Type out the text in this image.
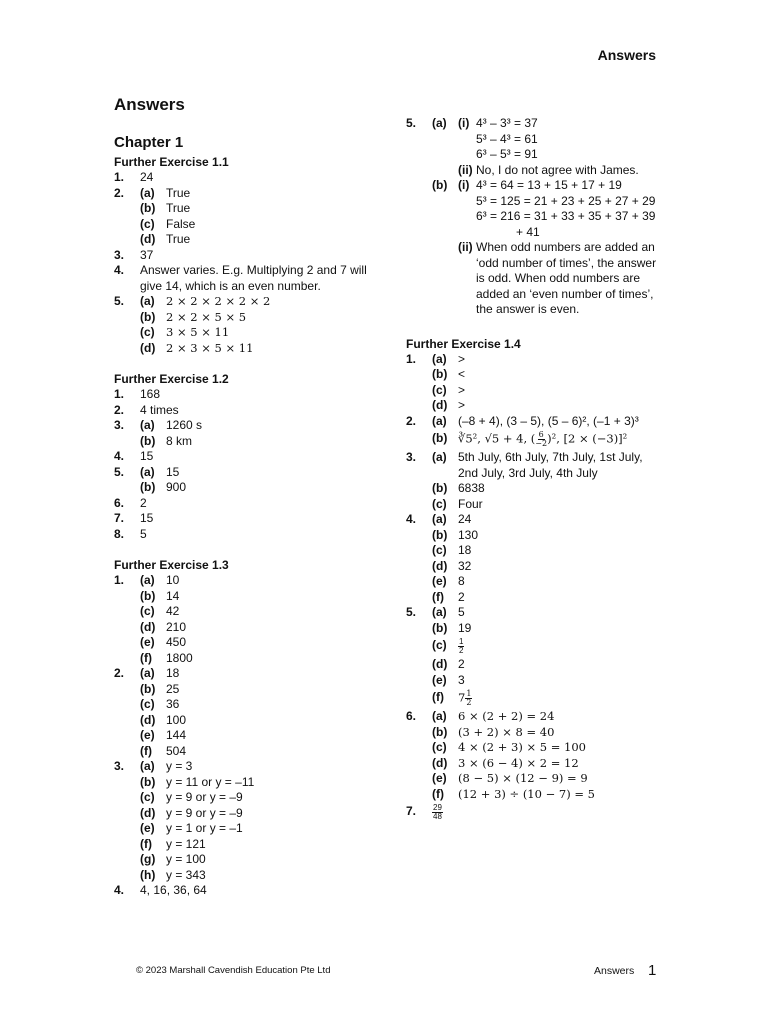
Answers
Answers
Chapter 1
Further Exercise 1.1
1.	24
2.	(a) True
(b) True
(c) False
(d) True
3.	37
4.	Answer varies. E.g. Multiplying 2 and 7 will give 14, which is an even number.
5.	(a) 2 × 2 × 2 × 2 × 2
(b) 2 × 2 × 5 × 5
(c) 3 × 5 × 11
(d) 2 × 3 × 5 × 11
Further Exercise 1.2
1.	168
2.	4 times
3.	(a) 1260 s
(b) 8 km
4.	15
5.	(a) 15
(b) 900
6.	2
7.	15
8.	5
Further Exercise 1.3
1.	(a) 10
(b) 14
(c) 42
(d) 210
(e) 450
(f)	1800
2.	(a) 18
(b) 25
(c) 36
(d) 100
(e) 144
(f)	504
3.	(a) y = 3
(b) y = 11 or y = –11
(c) y = 9 or y = –9
(d) y = 9 or y = –9
(e) y = 1 or y = –1
(f)	y = 121
(g) y = 100
(h) y = 343
4.	4, 16, 36, 64
5.	(a) (i) 4³ – 3³ = 37
5³ – 4³ = 61
6³ – 5³ = 91
(ii) No, I do not agree with James.
(b) (i) 4³ = 64 = 13 + 15 + 17 + 19
5³ = 125 = 21 + 23 + 25 + 27 + 29
6³ = 216 = 31 + 33 + 35 + 37 + 39
+ 41
(ii) When odd numbers are added an ‘odd number of times’, the answer is odd. When odd numbers are added an ‘even number of times’, the answer is even.
Further Exercise 1.4
1.	(a) >
(b) <
(c) >
(d) >
2.	(a) (–8 + 4), (3 – 5), (5 – 6)², (–1 + 3)³
(b) ∛5², √5 + 4, ( $\frac{6}{-2} )^2$, [2 × (−3)]²
3.	(a) 5th July, 6th July, 7th July, 1st July, 2nd July, 3rd July, 4th July
(b) 6838
(c) Four
4.	(a) 24
(b) 130
(c) 18
(d) 32
(e) 8
(f)	2
5.	(a) 5
(b) 19
(c)	$\frac{1}{2}$
(d) 2
(e) 3
(f)	$7 \frac{1}{2}$
6.	(a) 6 × (2 + 2) = 24
(b) (3 + 2) × 8 = 40
(c) 4 × (2 + 3) × 5 = 100
(d) 3 × (6 − 4) × 2 = 12
(e) (8 − 5) × (12 − 9) = 9
(f)	(12 + 3) ÷ (10 − 7) = 5
7.	$\frac{29}{48}$
© 2023 Marshall Cavendish Education Pte Ltd	Answers 1
